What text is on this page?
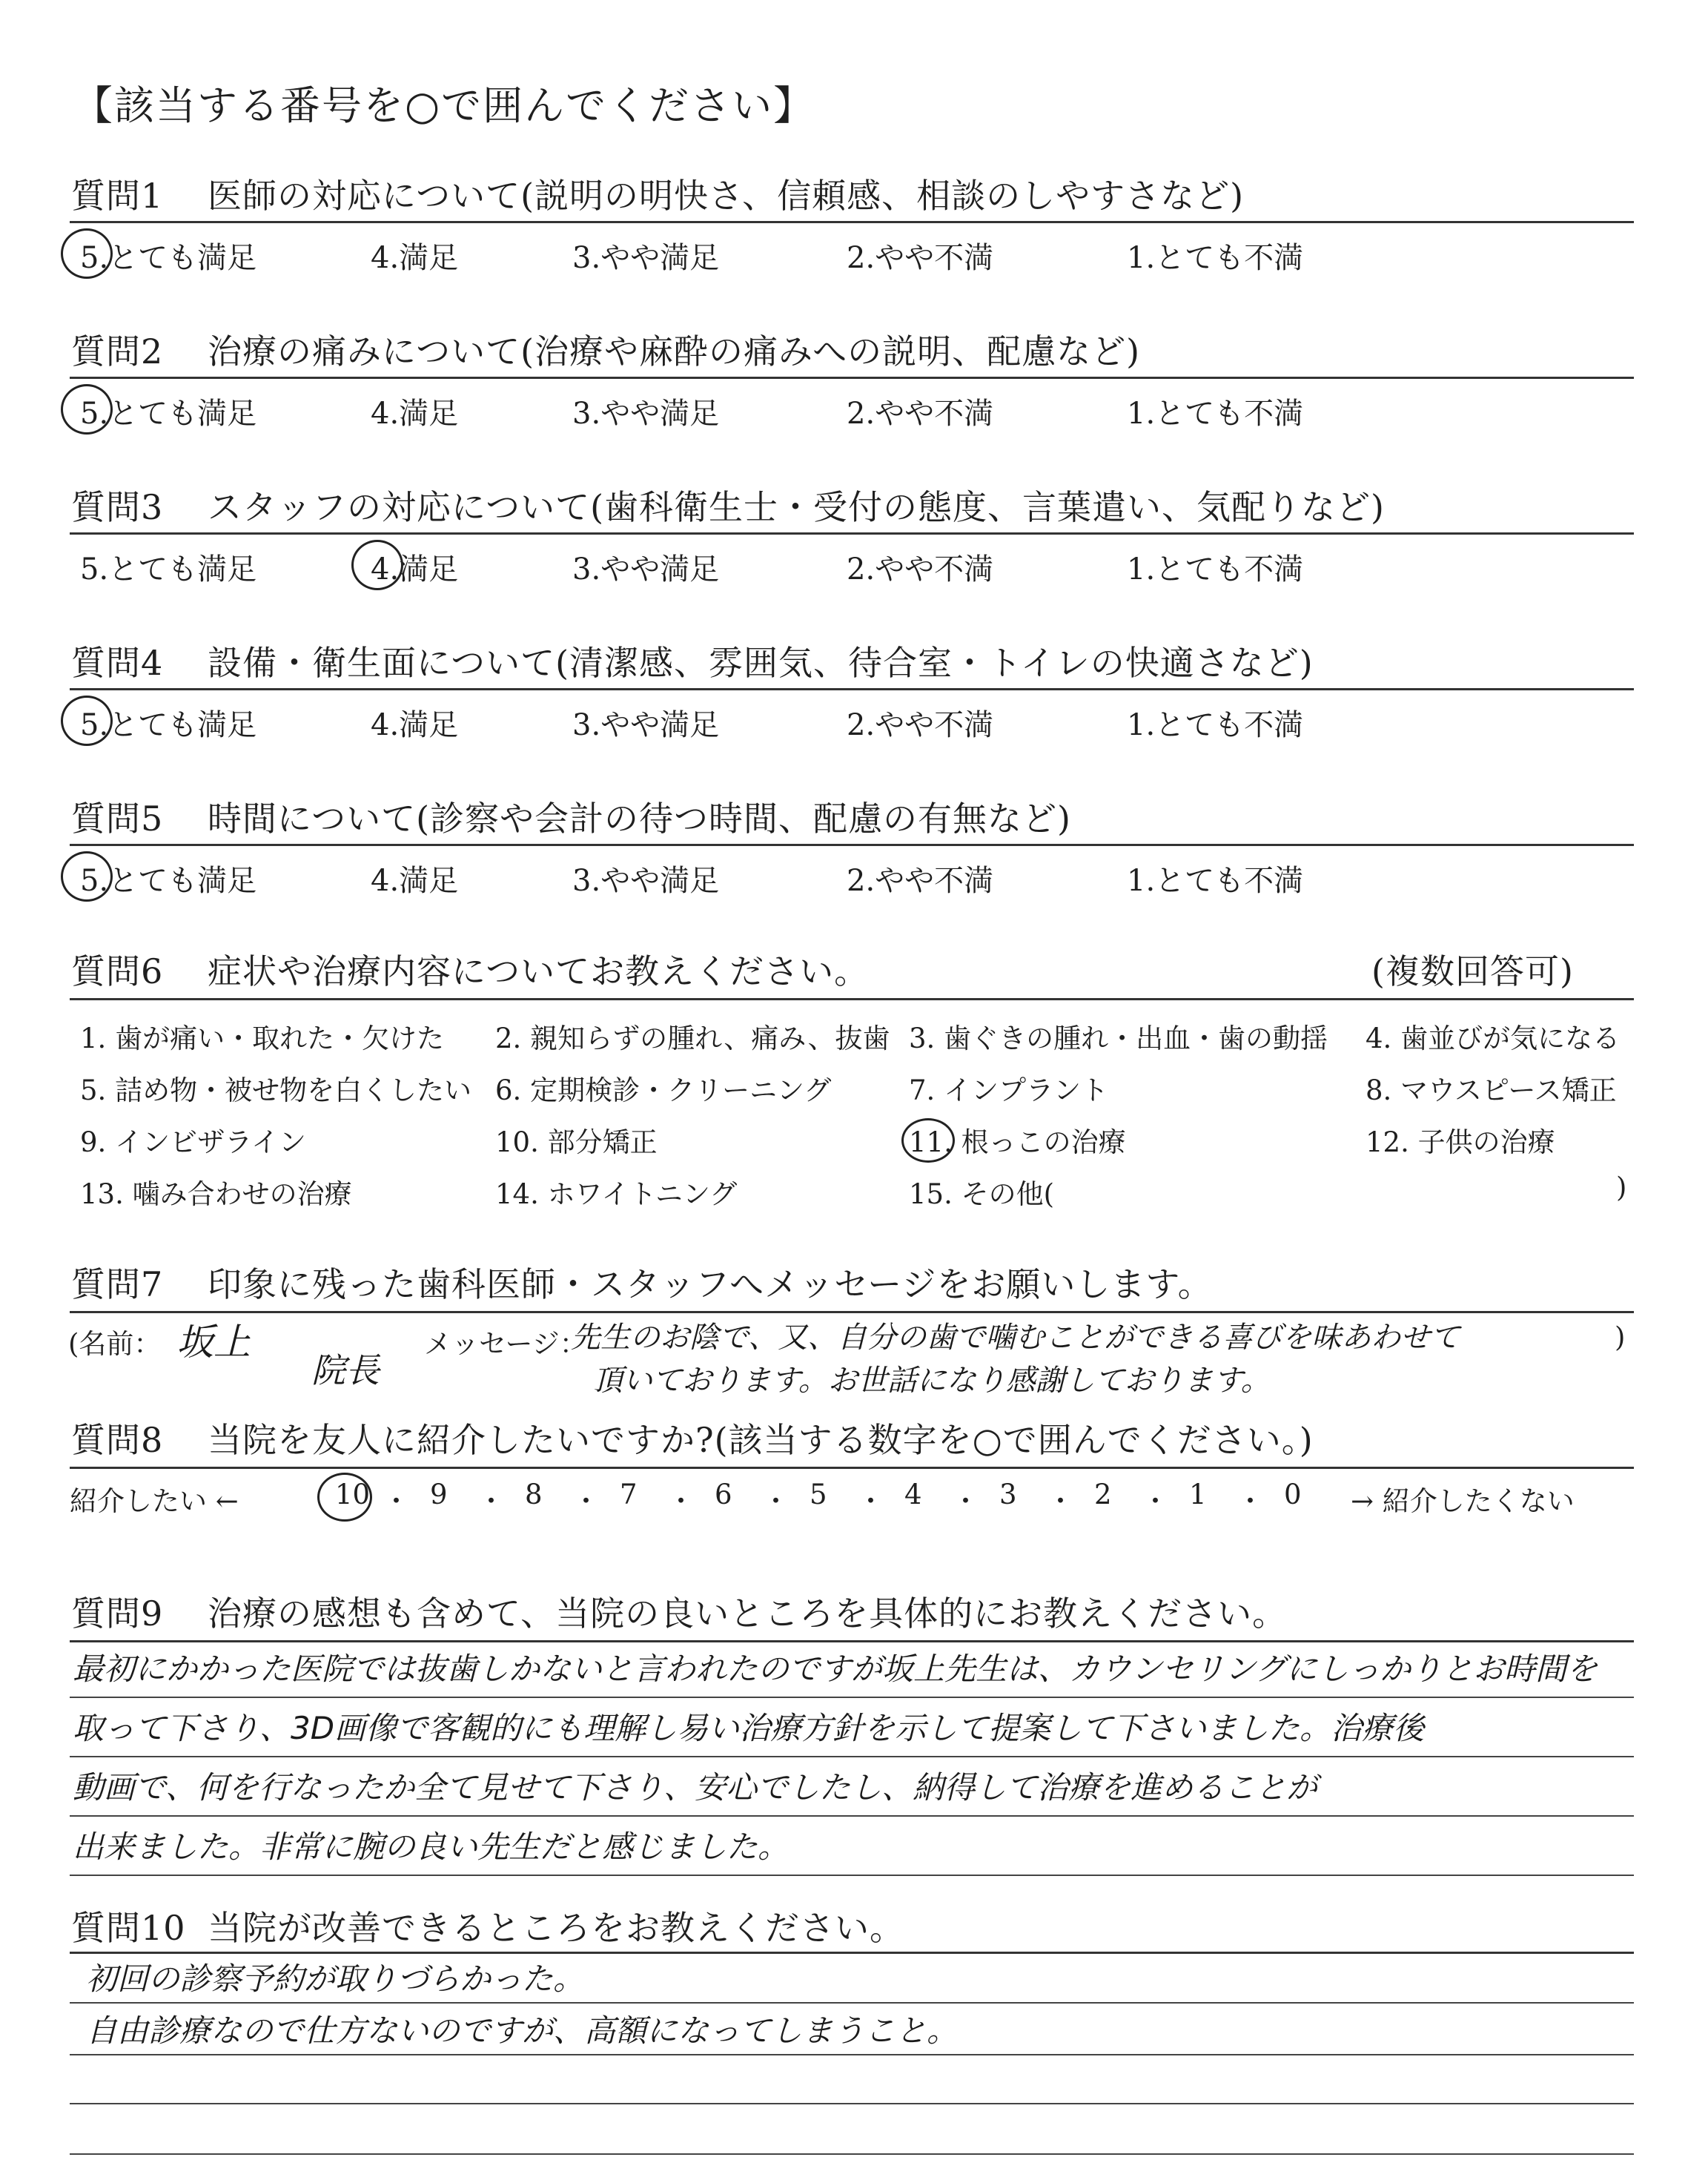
【該当する番号を○で囲んでください】
質問6 症状や治療内容についてお教えください。	(複数回答可)
質問7 印象に残った歯科医師・スタッフへメッセージをお願いします。
(名前： 坂上
院長
メッセージ：
先生のお陰で、又、自分の歯で噛むことができる喜びを味あわせて
頂いております。お世話になり感謝しております。
)
質問8 当院を友人に紹介したいですか?(該当する数字を○で囲んでください。)
紹介したい ←	→ 紹介したくない
質問9 治療の感想も含めて、当院の良いところを具体的にお教えください。
質問10 当院が改善できるところをお教えください。
質問1 医師の対応について(説明の明快さ、信頼感、相談のしやすさなど)
5.とても満足	4.満足	3.やや満足	2.やや不満	1.とても不満
質問2 治療の痛みについて(治療や麻酔の痛みへの説明、配慮など)
5.とても満足	4.満足	3.やや満足	2.やや不満	1.とても不満
質問3 スタッフの対応について(歯科衛生士・受付の態度、言葉遣い、気配りなど)
5.とても満足	4.満足	3.やや満足	2.やや不満	1.とても不満
質問4 設備・衛生面について(清潔感、雰囲気、待合室・トイレの快適さなど)
5.とても満足	4.満足	3.やや満足	2.やや不満	1.とても不満
質問5 時間について(診察や会計の待つ時間、配慮の有無など)
5.とても満足	4.満足	3.やや満足	2.やや不満	1.とても不満
1. 歯が痛い・取れた・欠けた 2. 親知らずの腫れ、痛み、抜歯 3. 歯ぐきの腫れ・出血・歯の動揺 4. 歯並びが気になる
5. 詰め物・被せ物を白くしたい 6. 定期検診・クリーニング	7. インプラント	8. マウスピース矯正
9. インビザライン	10. 部分矯正	11. 根っこの治療	12. 子供の治療
13. 噛み合わせの治療	14. ホワイトニング	15. その他(	)
10 ・ 9 ・ 8 ・ 7 ・ 6 ・ 5 ・ 4 ・ 3 ・ 2 ・ 1 ・ 0
最初にかかった医院では抜歯しかないと言われたのですが坂上先生は、カウンセリングにしっかりとお時間を
取って下さり、3D画像で客観的にも理解し易い治療方針を示して提案して下さいました。治療後
動画で、何を行なったか全て見せて下さり、安心でしたし、納得して治療を進めることが
出来ました。非常に腕の良い先生だと感じました。
初回の診察予約が取りづらかった。
自由診療なので仕方ないのですが、高額になってしまうこと。
